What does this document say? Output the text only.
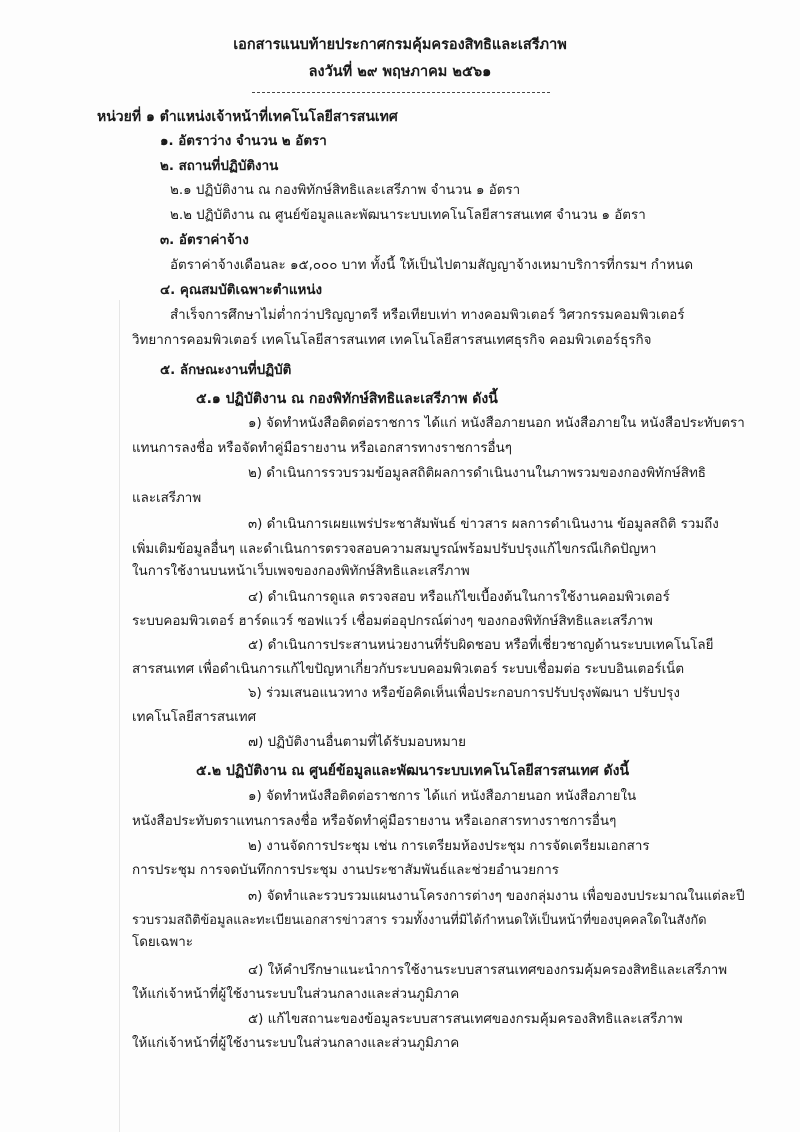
เอกสารแนบท้ายประกาศกรมคุ้มครองสิทธิและเสรีภาพ
ลงวันที่ ๒๙ พฤษภาคม ๒๕๖๑
หน่วยที่ ๑ ตำแหน่งเจ้าหน้าที่เทคโนโลยีสารสนเทศ
๑. อัตราว่าง จำนวน ๒ อัตรา
๒. สถานที่ปฏิบัติงาน
๒.๑ ปฏิบัติงาน ณ กองพิทักษ์สิทธิและเสรีภาพ จำนวน ๑ อัตรา
๒.๒ ปฏิบัติงาน ณ ศูนย์ข้อมูลและพัฒนาระบบเทคโนโลยีสารสนเทศ จำนวน ๑ อัตรา
๓. อัตราค่าจ้าง
อัตราค่าจ้างเดือนละ ๑๕,๐๐๐ บาท ทั้งนี้ ให้เป็นไปตามสัญญาจ้างเหมาบริการที่กรมฯ กำหนด
๔. คุณสมบัติเฉพาะตำแหน่ง
สำเร็จการศึกษาไม่ต่ำกว่าปริญญาตรี หรือเทียบเท่า ทางคอมพิวเตอร์ วิศวกรรมคอมพิวเตอร์
วิทยาการคอมพิวเตอร์ เทคโนโลยีสารสนเทศ เทคโนโลยีสารสนเทศธุรกิจ คอมพิวเตอร์ธุรกิจ
๕. ลักษณะงานที่ปฏิบัติ
๕.๑ ปฏิบัติงาน ณ กองพิทักษ์สิทธิและเสรีภาพ ดังนี้
๑) จัดทำหนังสือติดต่อราชการ ได้แก่ หนังสือภายนอก หนังสือภายใน หนังสือประทับตรา
แทนการลงชื่อ หรือจัดทำคู่มือรายงาน หรือเอกสารทางราชการอื่นๆ
๒) ดำเนินการรวบรวมข้อมูลสถิติผลการดำเนินงานในภาพรวมของกองพิทักษ์สิทธิ
และเสรีภาพ
๓) ดำเนินการเผยแพร่ประชาสัมพันธ์ ข่าวสาร ผลการดำเนินงาน ข้อมูลสถิติ รวมถึง
เพิ่มเติมข้อมูลอื่นๆ และดำเนินการตรวจสอบความสมบูรณ์พร้อมปรับปรุงแก้ไขกรณีเกิดปัญหา
ในการใช้งานบนหน้าเว็บเพจของกองพิทักษ์สิทธิและเสรีภาพ
๔) ดำเนินการดูแล ตรวจสอบ หรือแก้ไขเบื้องต้นในการใช้งานคอมพิวเตอร์
ระบบคอมพิวเตอร์ ฮาร์ดแวร์ ซอฟแวร์ เชื่อมต่ออุปกรณ์ต่างๆ ของกองพิทักษ์สิทธิและเสรีภาพ
๕) ดำเนินการประสานหน่วยงานที่รับผิดชอบ หรือที่เชี่ยวชาญด้านระบบเทคโนโลยี
สารสนเทศ เพื่อดำเนินการแก้ไขปัญหาเกี่ยวกับระบบคอมพิวเตอร์ ระบบเชื่อมต่อ ระบบอินเตอร์เน็ต
๖) ร่วมเสนอแนวทาง หรือข้อคิดเห็นเพื่อประกอบการปรับปรุงพัฒนา ปรับปรุง
เทคโนโลยีสารสนเทศ
๗) ปฏิบัติงานอื่นตามที่ได้รับมอบหมาย
๕.๒ ปฏิบัติงาน ณ ศูนย์ข้อมูลและพัฒนาระบบเทคโนโลยีสารสนเทศ ดังนี้
๑) จัดทำหนังสือติดต่อราชการ ได้แก่ หนังสือภายนอก หนังสือภายใน
หนังสือประทับตราแทนการลงชื่อ หรือจัดทำคู่มือรายงาน หรือเอกสารทางราชการอื่นๆ
๒) งานจัดการประชุม เช่น การเตรียมห้องประชุม การจัดเตรียมเอกสาร
การประชุม การจดบันทึกการประชุม งานประชาสัมพันธ์และช่วยอำนวยการ
๓) จัดทำและรวบรวมแผนงานโครงการต่างๆ ของกลุ่มงาน เพื่อของบประมาณในแต่ละปี
รวบรวมสถิติข้อมูลและทะเบียนเอกสารข่าวสาร รวมทั้งงานที่มิได้กำหนดให้เป็นหน้าที่ของบุคคลใดในสังกัด
โดยเฉพาะ
๔) ให้คำปรึกษาแนะนำการใช้งานระบบสารสนเทศของกรมคุ้มครองสิทธิและเสรีภาพ
ให้แก่เจ้าหน้าที่ผู้ใช้งานระบบในส่วนกลางและส่วนภูมิภาค
๕) แก้ไขสถานะของข้อมูลระบบสารสนเทศของกรมคุ้มครองสิทธิและเสรีภาพ
ให้แก่เจ้าหน้าที่ผู้ใช้งานระบบในส่วนกลางและส่วนภูมิภาค
